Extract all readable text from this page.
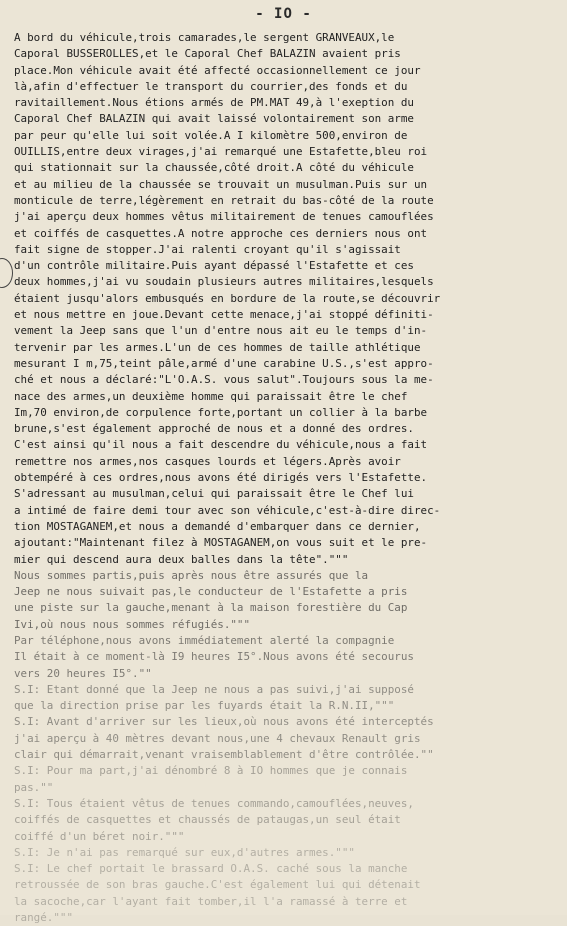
- IO -
A bord du véhicule,trois camarades,le sergent GRANVEAUX,le
Caporal BUSSEROLLES,et le Caporal Chef BALAZIN avaient pris
place.Mon véhicule avait été affecté occasionnellement ce jour
là,afin d'effectuer le transport du courrier,des fonds et du
ravitaillement.Nous étions armés de PM.MAT 49,à l'exeption du
Caporal Chef BALAZIN qui avait laissé volontairement son arme
par peur qu'elle lui soit volée.A I kilomètre 500,environ de
OUILLIS,entre deux virages,j'ai remarqué une Estafette,bleu roi
qui stationnait sur la chaussée,côté droit.A côté du véhicule
et au milieu de la chaussée se trouvait un musulman.Puis sur un
monticule de terre,légèrement en retrait du bas-côté de la route
j'ai aperçu deux hommes vêtus militairement de tenues camouflées
et coiffés de casquettes.A notre approche ces derniers nous ont
fait signe de stopper.J'ai ralenti croyant qu'il s'agissait
d'un contrôle militaire.Puis ayant dépassé l'Estafette et ces
deux hommes,j'ai vu soudain plusieurs autres militaires,lesquels
étaient jusqu'alors embusqués en bordure de la route,se découvrir
et nous mettre en joue.Devant cette menace,j'ai stoppé définiti-
vement la Jeep sans que l'un d'entre nous ait eu le temps d'in-
tervenir par les armes.L'un de ces hommes de taille athlétique
mesurant I m,75,teint pâle,armé d'une carabine U.S.,s'est appro-
ché et nous a déclaré:"L'O.A.S. vous salut".Toujours sous la me-
nace des armes,un deuxième homme qui paraissait être le chef
Im,70 environ,de corpulence forte,portant un collier à la barbe
brune,s'est également approché de nous et a donné des ordres.
C'est ainsi qu'il nous a fait descendre du véhicule,nous a fait
remettre nos armes,nos casques lourds et légers.Après avoir
obtempéré à ces ordres,nous avons été dirigés vers l'Estafette.
S'adressant au musulman,celui qui paraissait être le Chef lui
a intimé de faire demi tour avec son véhicule,c'est-à-dire direc-
tion MOSTAGANEM,et nous a demandé d'embarquer dans ce dernier,
ajoutant:"Maintenant filez à MOSTAGANEM,on vous suit et le pre-
mier qui descend aura deux balles dans la tête"."""
Nous sommes partis,puis après nous être assurés que la
Jeep ne nous suivait pas,le conducteur de l'Estafette a pris
une piste sur la gauche,menant à la maison forestière du Cap
Ivi,où nous nous sommes réfugiés."""
Par téléphone,nous avons immédiatement alerté la compagnie
Il était à ce moment-là I9 heures I5°.Nous avons été secourus
vers 20 heures I5°.""
S.I: Etant donné que la Jeep ne nous a pas suivi,j'ai supposé
que la direction prise par les fuyards était la R.N.II,"""
S.I: Avant d'arriver sur les lieux,où nous avons été interceptés
j'ai aperçu à 40 mètres devant nous,une 4 chevaux Renault gris
clair qui démarrait,venant vraisemblablement d'être contrôlée.""
S.I: Pour ma part,j'ai dénombré 8 à IO hommes que je connais
pas.""
S.I: Tous étaient vêtus de tenues commando,camouflées,neuves,
coiffés de casquettes et chaussés de pataugas,un seul était
coiffé d'un béret noir."""
S.I: Je n'ai pas remarqué sur eux,d'autres armes."""
S.I: Le chef portait le brassard O.A.S. caché sous la manche
retroussée de son bras gauche.C'est également lui qui détenait
la sacoche,car l'ayant fait tomber,il l'a ramassé à terre et
rangé."""
